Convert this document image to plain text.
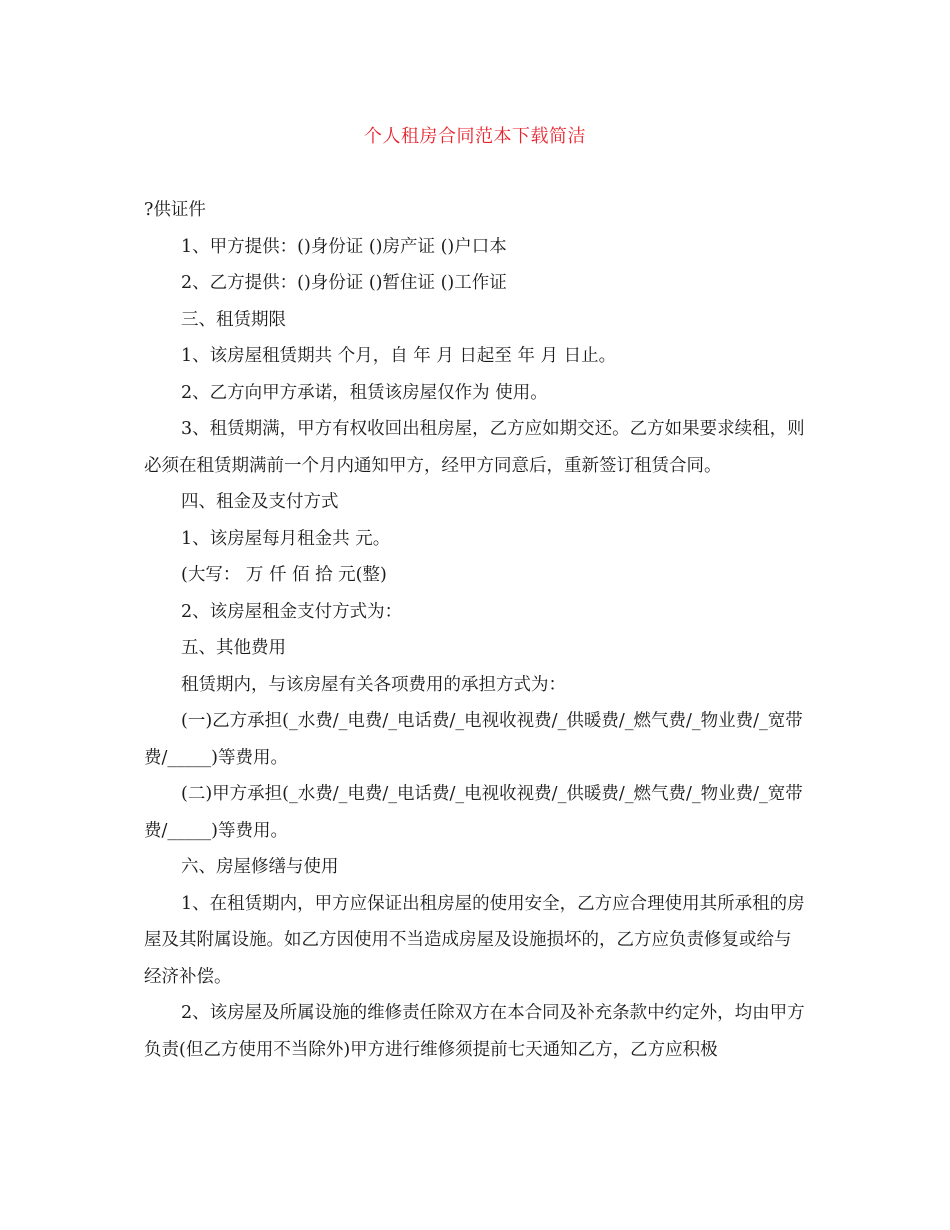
个人租房合同范本下载简洁

?供证件

1、甲方提供：()身份证 ()房产证 ()户口本

2、乙方提供：()身份证 ()暂住证 ()工作证

三、租赁期限

1、该房屋租赁期共 个月，自 年 月 日起至 年 月 日止。

2、乙方向甲方承诺，租赁该房屋仅作为 使用。

3、租赁期满，甲方有权收回出租房屋，乙方应如期交还。乙方如果要求续租，则必须在租赁期满前一个月内通知甲方，经甲方同意后，重新签订租赁合同。

四、租金及支付方式

1、该房屋每月租金共 元。

(大写： 万 仟 佰 拾 元(整)

2、该房屋租金支付方式为：

五、其他费用

租赁期内，与该房屋有关各项费用的承担方式为：

(一)乙方承担(_水费/_电费/_电话费/_电视收视费/_供暖费/_燃气费/_物业费/_宽带费/_____)等费用。

(二)甲方承担(_水费/_电费/_电话费/_电视收视费/_供暖费/_燃气费/_物业费/_宽带费/_____)等费用。

六、房屋修缮与使用

1、在租赁期内，甲方应保证出租房屋的使用安全，乙方应合理使用其所承租的房屋及其附属设施。如乙方因使用不当造成房屋及设施损坏的，乙方应负责修复或给与经济补偿。

2、该房屋及所属设施的维修责任除双方在本合同及补充条款中约定外，均由甲方负责(但乙方使用不当除外)甲方进行维修须提前七天通知乙方，乙方应积极
